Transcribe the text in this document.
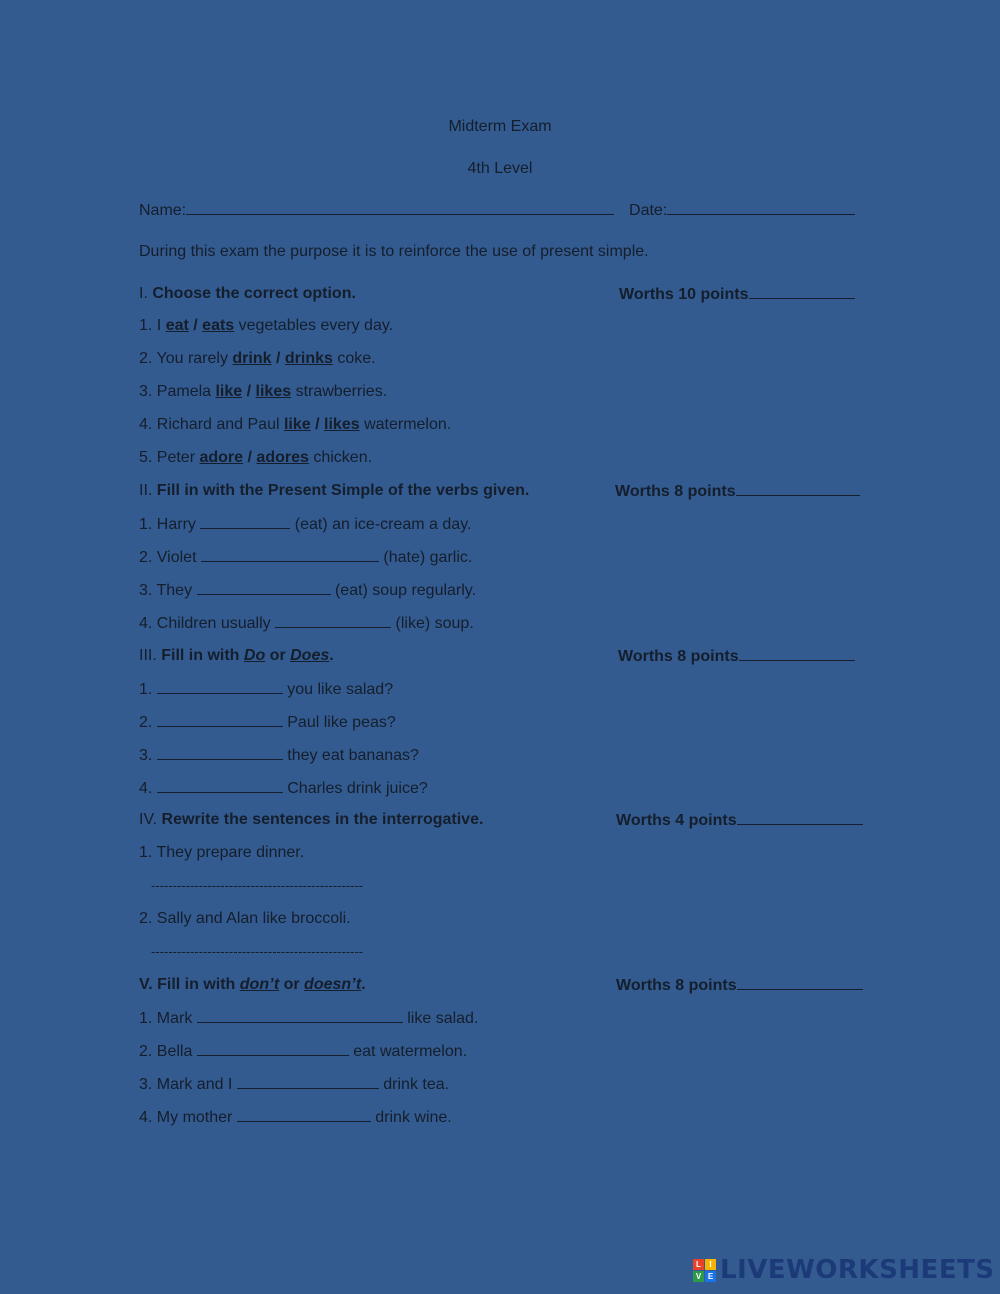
Midterm Exam
4th Level
Name:	Date:
During this exam the purpose it is to reinforce the use of present simple.
I. Choose the correct option.	Worths 10 points
1. I eat / eats vegetables every day.
2. You rarely drink / drinks coke.
3. Pamela like / likes strawberries.
4. Richard and Paul like / likes watermelon.
5. Peter adore / adores chicken.
II. Fill in with the Present Simple of the verbs given.	Worths 8 points
1. Harry	(eat) an ice-cream a day.
2. Violet	(hate) garlic.
3. They	(eat) soup regularly.
4. Children usually	(like) soup.
III. Fill in with Do or Does.	Worths 8 points
1.	you like salad?
2.	Paul like peas?
3.	they eat bananas?
4.	Charles drink juice?
IV. Rewrite the sentences in the interrogative.	Worths 4 points
1. They prepare dinner.
-------------------------------------------------
2. Sally and Alan like broccoli.
-------------------------------------------------
V. Fill in with don’t or doesn’t.	Worths 8 points
1. Mark	like salad.
2. Bella	eat watermelon.
3. Mark and I	drink tea.
4. My mother	drink wine.
L	I
V E LIVEWORKSHEETS
